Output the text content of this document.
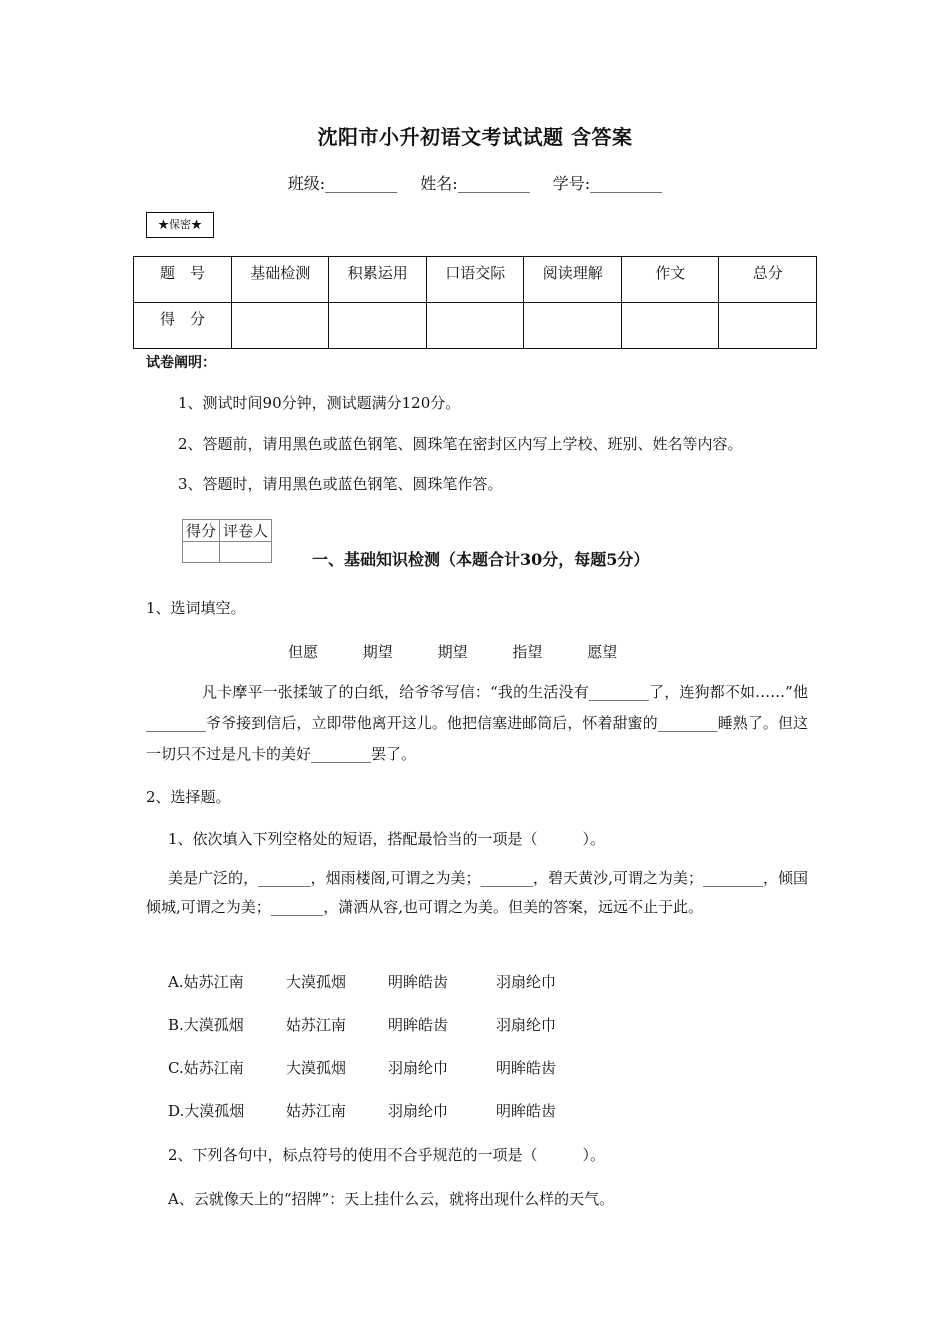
沈阳市小升初语文考试试题 含答案
班级:_________ 姓名:_________ 学号:_________
★保密★
题　号	基础检测	积累运用	口语交际	阅读理解	作文	总分
得　分						
试卷阐明：
1、测试时间90分钟，测试题满分120分。
2、答题前，请用黑色或蓝色钢笔、圆珠笔在密封区内写上学校、班别、姓名等内容。
3、答题时，请用黑色或蓝色钢笔、圆珠笔作答。
得分	评卷人

一、基础知识检测（本题合计30分，每题5分）
1、选词填空。
但愿	期望	期望	指望	愿望
凡卡摩平一张揉皱了的白纸，给爷爷写信：“我的生活没有________了，连狗都不如……”他________爷爷接到信后，立即带他离开这儿。他把信塞进邮筒后，怀着甜蜜的________睡熟了。但这一切只不过是凡卡的美好________罢了。
2、选择题。
1、依次填入下列空格处的短语，搭配最恰当的一项是（　　　）。
美是广泛的，_______，烟雨楼阁,可谓之为美；_______，碧天黄沙,可谓之为美；________，倾国倾城,可谓之为美；_______，潇洒从容,也可谓之为美。但美的答案，远远不止于此。
A.姑苏江南	大漠孤烟	明眸皓齿	羽扇纶巾
B.大漠孤烟	姑苏江南	明眸皓齿	羽扇纶巾
C.姑苏江南	大漠孤烟	羽扇纶巾	明眸皓齿
D.大漠孤烟	姑苏江南	羽扇纶巾	明眸皓齿
2、下列各句中，标点符号的使用不合乎规范的一项是（　　　）。
A、云就像天上的“招牌”：天上挂什么云，就将出现什么样的天气。
